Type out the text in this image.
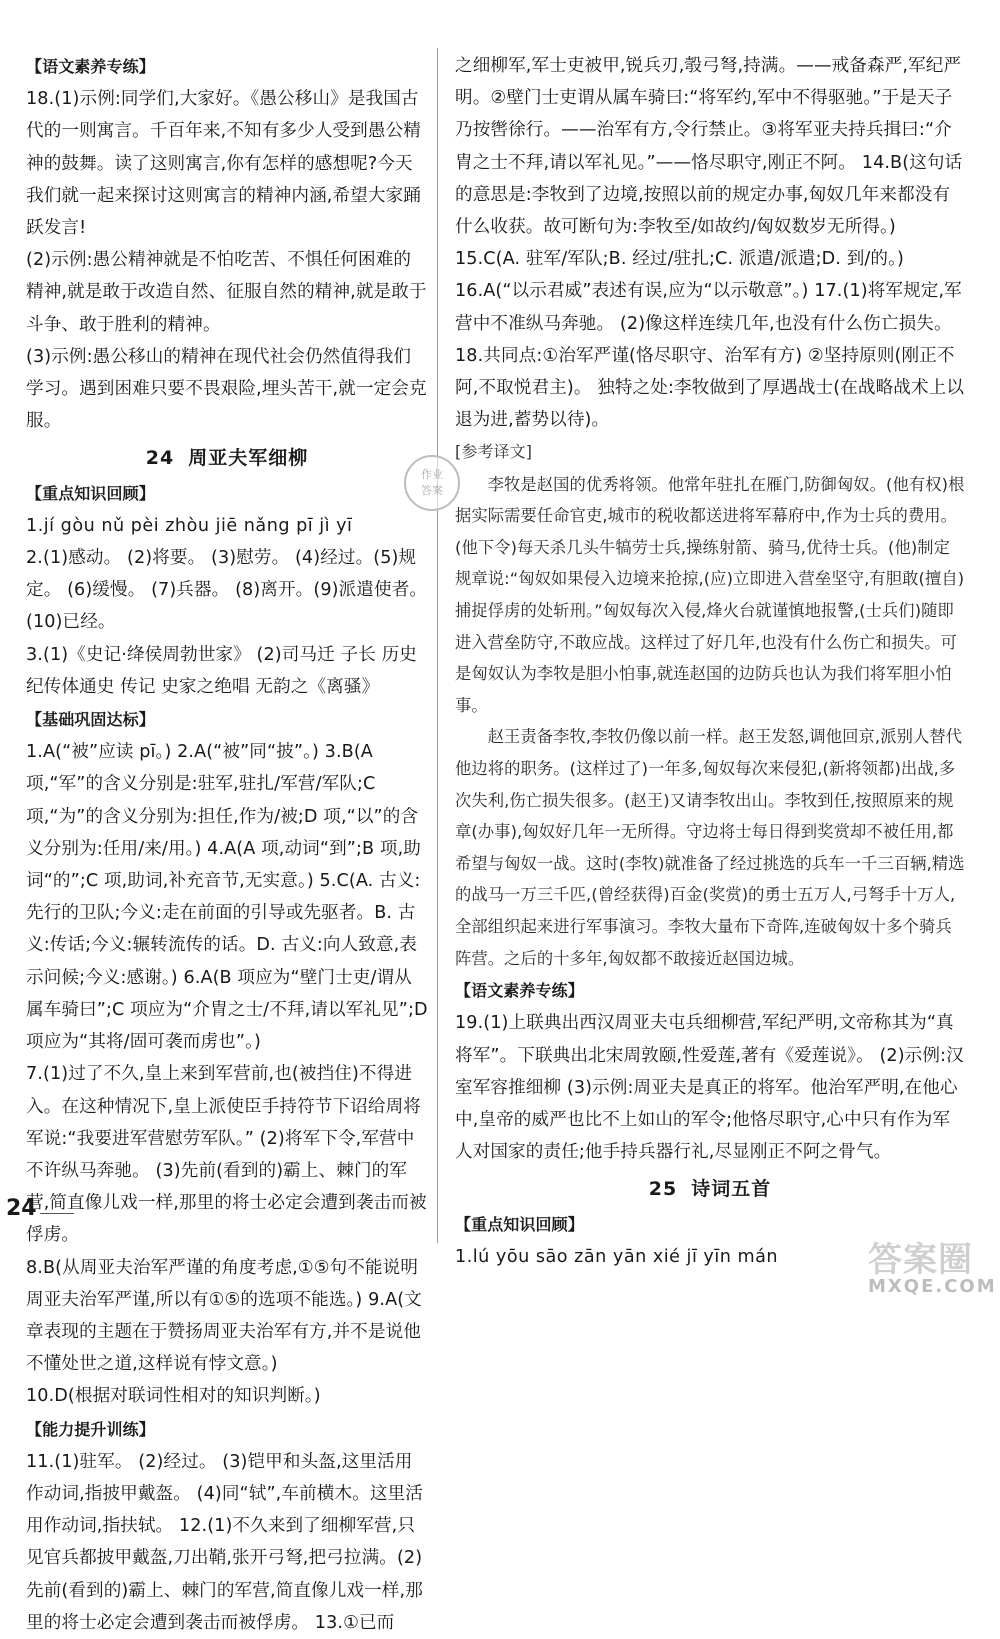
【语文素养专练】

18.(1)示例:同学们,大家好。《愚公移山》是我国古代的一则寓言。千百年来,不知有多少人受到愚公精神的鼓舞。读了这则寓言,你有怎样的感想呢?今天我们就一起来探讨这则寓言的精神内涵,希望大家踊跃发言!

(2)示例:愚公精神就是不怕吃苦、不惧任何困难的精神,就是敢于改造自然、征服自然的精神,就是敢于斗争、敢于胜利的精神。

(3)示例:愚公移山的精神在现代社会仍然值得我们学习。遇到困难只要不畏艰险,埋头苦干,就一定会克服。

24 周亚夫军细柳
【重点知识回顾】

1.jí gòu nǔ pèi zhòu jiē nǎng pī jì yī

2.(1)感动。 (2)将要。 (3)慰劳。 (4)经过。(5)规定。 (6)缓慢。 (7)兵器。 (8)离开。(9)派遣使者。 (10)已经。

3.(1)《史记·绛侯周勃世家》 (2)司马迁 子长 历史 纪传体通史 传记 史家之绝唱 无韵之《离骚》

【基础巩固达标】

1.A(“被”应读 pī。) 2.A(“被”同“披”。) 3.B(A 项,“军”的含义分别是:驻军,驻扎/军营/军队;C 项,“为”的含义分别为:担任,作为/被;D 项,“以”的含义分别为:任用/来/用。) 4.A(A 项,动词“到”;B 项,助词“的”;C 项,助词,补充音节,无实意。) 5.C(A. 古义:先行的卫队;今义:走在前面的引导或先驱者。B. 古义:传话;今义:辗转流传的话。D. 古义:向人致意,表示问候;今义:感谢。) 6.A(B 项应为“壁门士吏/谓从属车骑曰”;C 项应为“介胄之士/不拜,请以军礼见”;D 项应为“其将/固可袭而虏也”。)

7.(1)过了不久,皇上来到军营前,也(被挡住)不得进入。在这种情况下,皇上派使臣手持符节下诏给周将军说:“我要进军营慰劳军队。” (2)将军下令,军营中不许纵马奔驰。 (3)先前(看到的)霸上、棘门的军营,简直像儿戏一样,那里的将士必定会遭到袭击而被俘虏。

8.B(从周亚夫治军严谨的角度考虑,①⑤句不能说明周亚夫治军严谨,所以有①⑤的选项不能选。) 9.A(文章表现的主题在于赞扬周亚夫治军有方,并不是说他不懂处世之道,这样说有悖文意。)

10.D(根据对联词性相对的知识判断。)

【能力提升训练】

11.(1)驻军。 (2)经过。 (3)铠甲和头盔,这里活用作动词,指披甲戴盔。 (4)同“轼”,车前横木。这里活用作动词,指扶轼。 12.(1)不久来到了细柳军营,只见官兵都披甲戴盔,刀出鞘,张开弓弩,把弓拉满。(2)先前(看到的)霸上、棘门的军营,简直像儿戏一样,那里的将士必定会遭到袭击而被俘虏。 13.①已而

之细柳军,军士吏被甲,锐兵刃,彀弓弩,持满。——戒备森严,军纪严明。②壁门士吏谓从属车骑曰:“将军约,军中不得驱驰。”于是天子乃按辔徐行。——治军有方,令行禁止。③将军亚夫持兵揖曰:“介胄之士不拜,请以军礼见。”——恪尽职守,刚正不阿。 14.B(这句话的意思是:李牧到了边境,按照以前的规定办事,匈奴几年来都没有什么收获。故可断句为:李牧至/如故约/匈奴数岁无所得。) 15.C(A. 驻军/军队;B. 经过/驻扎;C. 派遣/派遣;D. 到/的。) 16.A(“以示君威”表述有误,应为“以示敬意”。) 17.(1)将军规定,军营中不准纵马奔驰。 (2)像这样连续几年,也没有什么伤亡损失。

18.共同点:①治军严谨(恪尽职守、治军有方) ②坚持原则(刚正不阿,不取悦君主)。 独特之处:李牧做到了厚遇战士(在战略战术上以退为进,蓄势以待)。

[参考译文]

李牧是赵国的优秀将领。他常年驻扎在雁门,防御匈奴。(他有权)根据实际需要任命官吏,城市的税收都送进将军幕府中,作为士兵的费用。(他下令)每天杀几头牛犒劳士兵,操练射箭、骑马,优待士兵。(他)制定规章说:“匈奴如果侵入边境来抢掠,(应)立即进入营垒坚守,有胆敢(擅自)捕捉俘虏的处斩刑。”匈奴每次入侵,烽火台就谨慎地报警,(士兵们)随即进入营垒防守,不敢应战。这样过了好几年,也没有什么伤亡和损失。可是匈奴认为李牧是胆小怕事,就连赵国的边防兵也认为我们将军胆小怕事。

赵王责备李牧,李牧仍像以前一样。赵王发怒,调他回京,派别人替代他边将的职务。(这样过了)一年多,匈奴每次来侵犯,(新将领都)出战,多次失利,伤亡损失很多。(赵王)又请李牧出山。李牧到任,按照原来的规章(办事),匈奴好几年一无所得。守边将士每日得到奖赏却不被任用,都希望与匈奴一战。这时(李牧)就准备了经过挑选的兵车一千三百辆,精选的战马一万三千匹,(曾经获得)百金(奖赏)的勇士五万人,弓弩手十万人,全部组织起来进行军事演习。李牧大量布下奇阵,连破匈奴十多个骑兵阵营。之后的十多年,匈奴都不敢接近赵国边城。

【语文素养专练】

19.(1)上联典出西汉周亚夫屯兵细柳营,军纪严明,文帝称其为“真将军”。下联典出北宋周敦颐,性爱莲,著有《爱莲说》。 (2)示例:汉室军容推细柳 (3)示例:周亚夫是真正的将军。他治军严明,在他心中,皇帝的威严也比不上如山的军令;他恪尽职守,心中只有作为军人对国家的责任;他手持兵器行礼,尽显刚正不阿之骨气。

25 诗词五首
【重点知识回顾】

1.lú yōu sāo zān yān xié jī yīn mán

作业
答案
24
答案圈
MXQE.COM
